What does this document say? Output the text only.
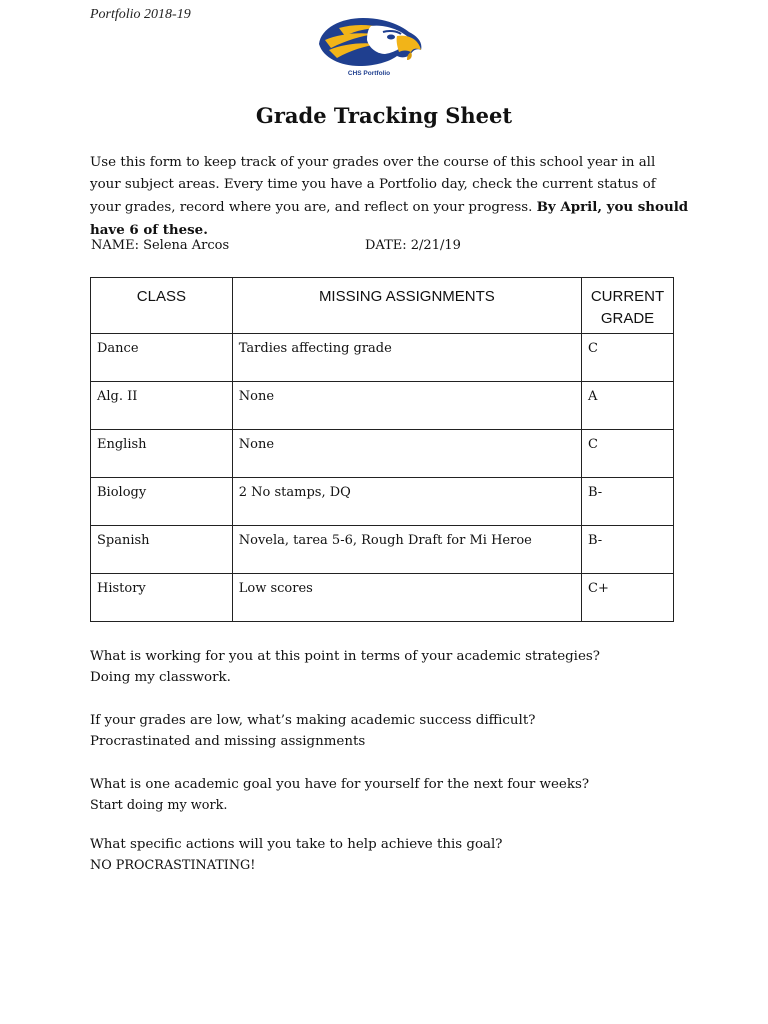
Portfolio 2018-19
CHS Portfolio
Grade Tracking Sheet
Use this form to keep track of your grades over the course of this school year in all your subject areas. Every time you have a Portfolio day, check the current status of your grades, record where you are, and reflect on your progress. By April, you should have 6 of these.
NAME: Selena Arcos	DATE: 2/21/19
CLASS	MISSING ASSIGNMENTS	CURRENT GRADE
Dance	Tardies affecting grade	C
Alg. II	None	A
English	None	C
Biology	2 No stamps, DQ	B-
Spanish	Novela, tarea 5-6, Rough Draft for Mi Heroe	B-
History	Low scores	C+
What is working for you at this point in terms of your academic strategies?
Doing my classwork.
If your grades are low, what’s making academic success difficult?
Procrastinated and missing assignments
What is one academic goal you have for yourself for the next four weeks?
Start doing my work.
What specific actions will you take to help achieve this goal?
NO PROCRASTINATING!
